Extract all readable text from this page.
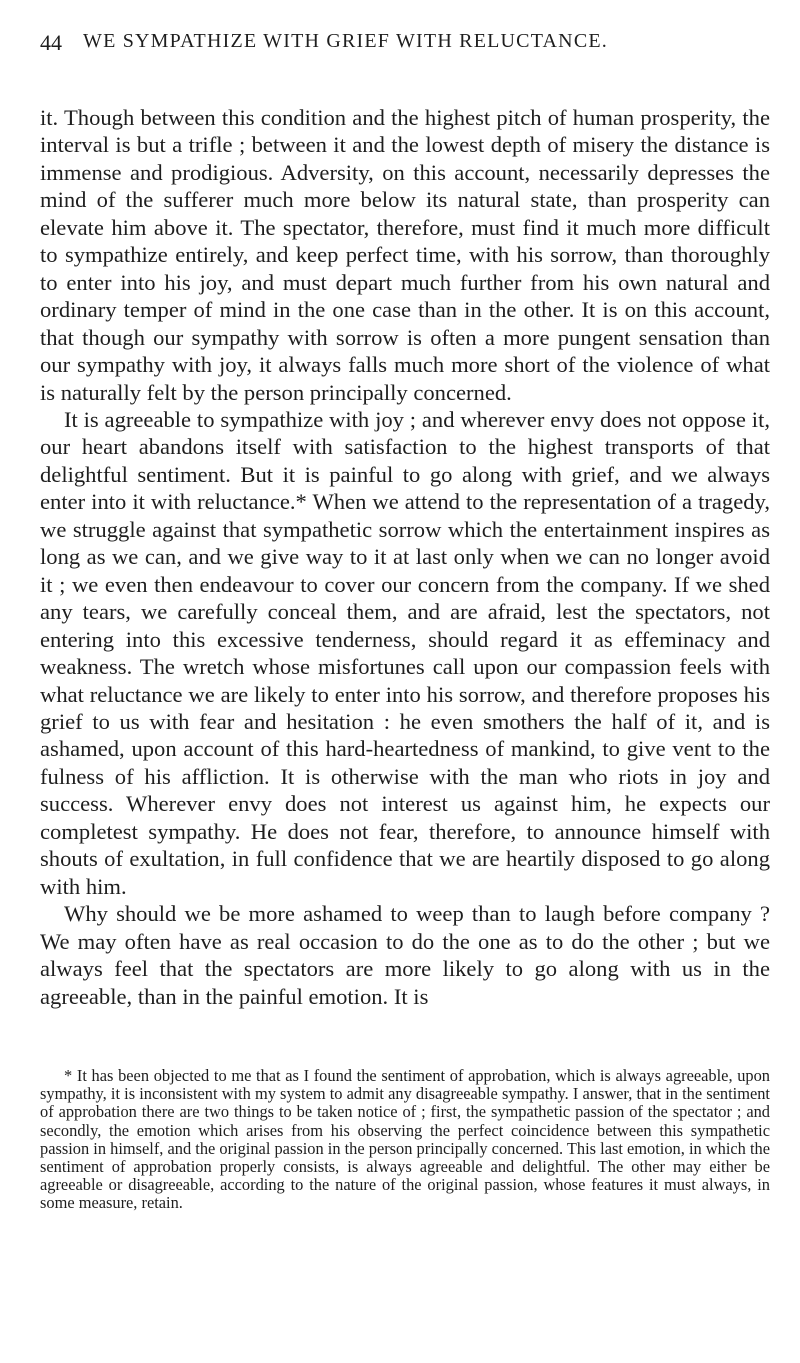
44 WE SYMPATHIZE WITH GRIEF WITH RELUCTANCE.

it. Though between this condition and the highest pitch of human prosperity, the interval is but a trifle ; between it and the lowest depth of misery the distance is immense and prodigious. Adversity, on this account, necessarily depresses the mind of the sufferer much more below its natural state, than prosperity can elevate him above it. The spectator, therefore, must find it much more difficult to sympathize entirely, and keep perfect time, with his sorrow, than thoroughly to enter into his joy, and must depart much further from his own natural and ordinary temper of mind in the one case than in the other. It is on this account, that though our sympathy with sorrow is often a more pungent sensation than our sympathy with joy, it always falls much more short of the violence of what is naturally felt by the person principally concerned.

It is agreeable to sympathize with joy ; and wherever envy does not oppose it, our heart abandons itself with satisfaction to the highest transports of that delightful sentiment. But it is painful to go along with grief, and we always enter into it with reluctance.* When we attend to the representation of a tragedy, we struggle against that sympathetic sorrow which the entertainment inspires as long as we can, and we give way to it at last only when we can no longer avoid it ; we even then endeavour to cover our concern from the company. If we shed any tears, we carefully conceal them, and are afraid, lest the spectators, not entering into this excessive tenderness, should regard it as effeminacy and weakness. The wretch whose misfortunes call upon our compassion feels with what reluctance we are likely to enter into his sorrow, and therefore proposes his grief to us with fear and hesitation : he even smothers the half of it, and is ashamed, upon account of this hard-heartedness of mankind, to give vent to the fulness of his affliction. It is otherwise with the man who riots in joy and success. Wherever envy does not interest us against him, he expects our completest sympathy. He does not fear, therefore, to announce himself with shouts of exultation, in full confidence that we are heartily disposed to go along with him.

Why should we be more ashamed to weep than to laugh before company ? We may often have as real occasion to do the one as to do the other ; but we always feel that the spectators are more likely to go along with us in the agreeable, than in the painful emotion. It is

* It has been objected to me that as I found the sentiment of approbation, which is always agreeable, upon sympathy, it is inconsistent with my system to admit any disagreeable sympathy. I answer, that in the sentiment of approbation there are two things to be taken notice of ; first, the sympathetic passion of the spectator ; and secondly, the emotion which arises from his observing the perfect coincidence between this sympathetic passion in himself, and the original passion in the person principally concerned. This last emotion, in which the sentiment of approbation properly consists, is always agreeable and delightful. The other may either be agreeable or disagreeable, according to the nature of the original passion, whose features it must always, in some measure, retain.
